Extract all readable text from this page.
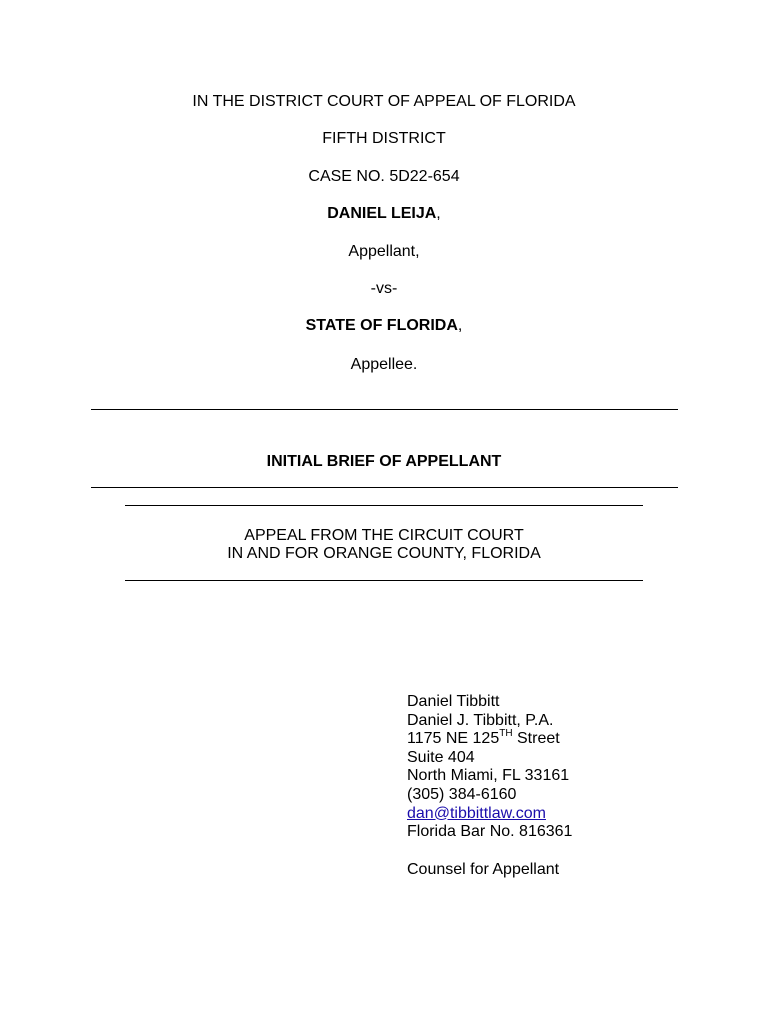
IN THE DISTRICT COURT OF APPEAL OF FLORIDA
FIFTH DISTRICT
CASE NO. 5D22-654
DANIEL LEIJA,
Appellant,
-vs-
STATE OF FLORIDA,
Appellee.
INITIAL BRIEF OF APPELLANT
APPEAL FROM THE CIRCUIT COURT
IN AND FOR ORANGE COUNTY, FLORIDA
Daniel Tibbitt
Daniel J. Tibbitt, P.A.
1175 NE 125TH Street
Suite 404
North Miami, FL 33161
(305) 384-6160
dan@tibbittlaw.com
Florida Bar No. 816361
Counsel for Appellant
